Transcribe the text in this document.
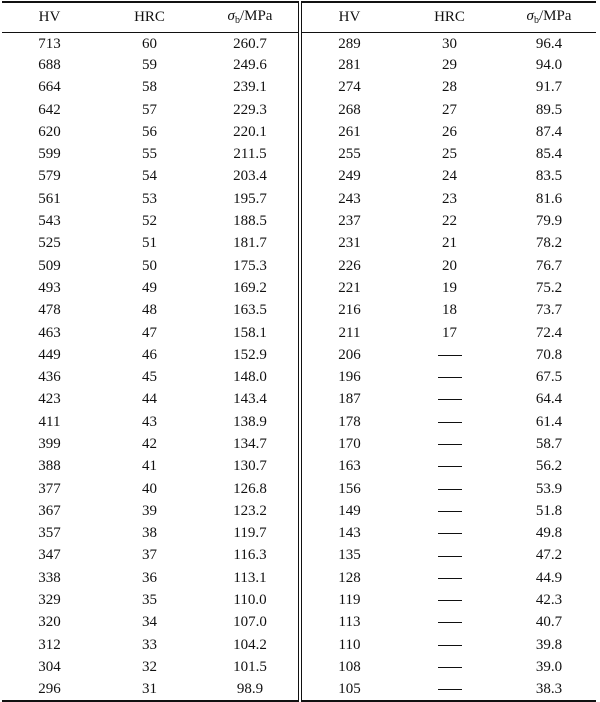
HV	HRC	$\sigma_b$/MPa	HV	HRC	$\sigma_b$/MPa
713	60	260.7	289	30	96.4
688	59	249.6	281	29	94.0
664	58	239.1	274	28	91.7
642	57	229.3	268	27	89.5
620	56	220.1	261	26	87.4
599	55	211.5	255	25	85.4
579	54	203.4	249	24	83.5
561	53	195.7	243	23	81.6
543	52	188.5	237	22	79.9
525	51	181.7	231	21	78.2
509	50	175.3	226	20	76.7
493	49	169.2	221	19	75.2
478	48	163.5	216	18	73.7
463	47	158.1	211	17	72.4
449	46	152.9	206		70.8
436	45	148.0	196		67.5
423	44	143.4	187		64.4
411	43	138.9	178		61.4
399	42	134.7	170		58.7
388	41	130.7	163		56.2
377	40	126.8	156		53.9
367	39	123.2	149		51.8
357	38	119.7	143		49.8
347	37	116.3	135		47.2
338	36	113.1	128		44.9
329	35	110.0	119		42.3
320	34	107.0	113		40.7
312	33	104.2	110		39.8
304	32	101.5	108		39.0
296	31	98.9	105		38.3
